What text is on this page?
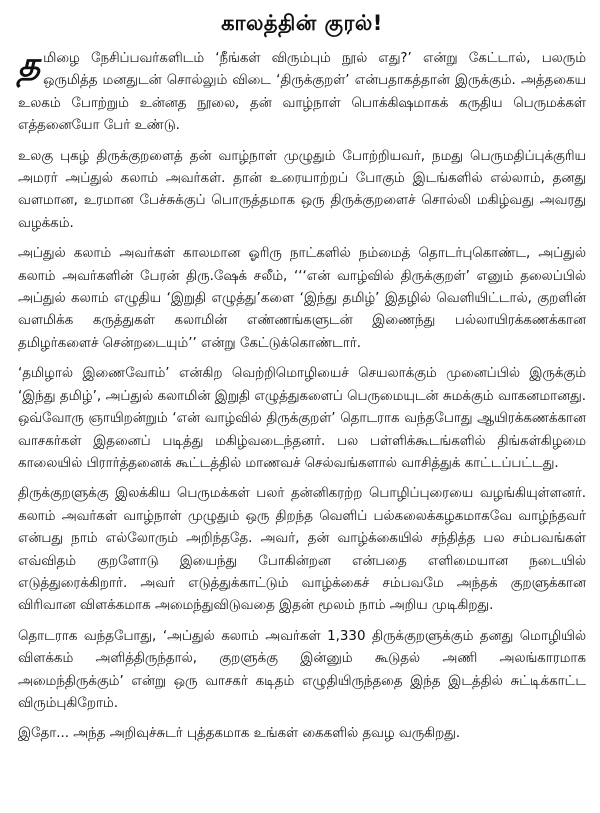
காலத்தின் குரல்!

தமிழை நேசிப்பவர்களிடம் ‘நீங்கள் விரும்பும் நூல் எது?’ என்று கேட்டால், பலரும் ஒருமித்த மனதுடன் சொல்லும் விடை ‘திருக்குறள்’ என்பதாகத்தான் இருக்கும். அத்தகைய உலகம் போற்றும் உன்னத நூலை, தன் வாழ்நாள் பொக்கிஷமாகக் கருதிய பெருமக்கள் எத்தனையோ பேர் உண்டு.

உலகு புகழ் திருக்குறளைத் தன் வாழ்நாள் முழுதும் போற்றியவர், நமது பெருமதிப்புக்குரிய அமரர் அப்துல் கலாம் அவர்கள். தான் உரையாற்றப் போகும் இடங்களில் எல்லாம், தனது வளமான, உரமான பேச்சுக்குப் பொருத்தமாக ஒரு திருக்குறளைச் சொல்லி மகிழ்வது அவரது வழக்கம்.

அப்துல் கலாம் அவர்கள் காலமான ஓரிரு நாட்களில் நம்மைத் தொடர்புகொண்ட, அப்துல் கலாம் அவர்களின் பேரன் திரு.ஷேக் சலீம், ‘‘‘என் வாழ்வில் திருக்குறள்’ எனும் தலைப்பில் அப்துல் கலாம் எழுதிய ‘இறுதி எழுத்து’களை ‘இந்து தமிழ்’ இதழில் வெளியிட்டால், குறளின் வளமிக்க கருத்துகள் கலாமின் எண்ணங்களுடன் இணைந்து பல்லாயிரக்கணக்கான தமிழர்களைச் சென்றடையும்’’ என்று கேட்டுக்கொண்டார்.

‘தமிழால் இணைவோம்’ என்கிற வெற்றிமொழியைச் செயலாக்கும் முனைப்பில் இருக்கும் ‘இந்து தமிழ்’, அப்துல் கலாமின் இறுதி எழுத்துகளைப் பெருமையுடன் சுமக்கும் வாகனமானது. ஒவ்வோரு ஞாயிறன்றும் ‘என் வாழ்வில் திருக்குறள்’ தொடராக வந்தபோது ஆயிரக்கணக்கான வாசகர்கள் இதனைப் படித்து மகிழ்வடைந்தனர். பல பள்ளிக்கூடங்களில் திங்கள்கிழமை காலையில் பிரார்த்தனைக் கூட்டத்தில் மாணவச் செல்வங்களால் வாசித்துக் காட்டப்பட்டது.

திருக்குறளுக்கு இலக்கிய பெருமக்கள் பலர் தன்னிகரற்ற பொழிப்புரையை வழங்கியுள்ளனர். கலாம் அவர்கள் வாழ்நாள் முழுதும் ஒரு திறந்த வெளிப் பல்கலைக்கழகமாகவே வாழ்ந்தவர் என்பது நாம் எல்லோரும் அறிந்ததே. அவர், தன் வாழ்க்கையில் சந்தித்த பல சம்பவங்கள் எவ்விதம் குறளோடு இயைந்து போகின்றன என்பதை எளிமையான நடையில் எடுத்துரைக்கிறார். அவர் எடுத்துக்காட்டும் வாழ்க்கைச் சம்பவமே அந்தக் குறளுக்கான விரிவான விளக்கமாக அமைந்துவிடுவதை இதன் மூலம் நாம் அறிய முடிகிறது.

தொடராக வந்தபோது, ‘அப்துல் கலாம் அவர்கள் 1,330 திருக்குறளுக்கும் தனது மொழியில் விளக்கம் அளித்திருந்தால், குறளுக்கு இன்னும் கூடுதல் அணி அலங்காரமாக அமைந்திருக்கும்’ என்று ஒரு வாசகர் கடிதம் எழுதியிருந்ததை இந்த இடத்தில் சுட்டிக்காட்ட விரும்புகிறோம்.

இதோ... அந்த அறிவுச்சுடர் புத்தகமாக உங்கள் கைகளில் தவழ வருகிறது.
